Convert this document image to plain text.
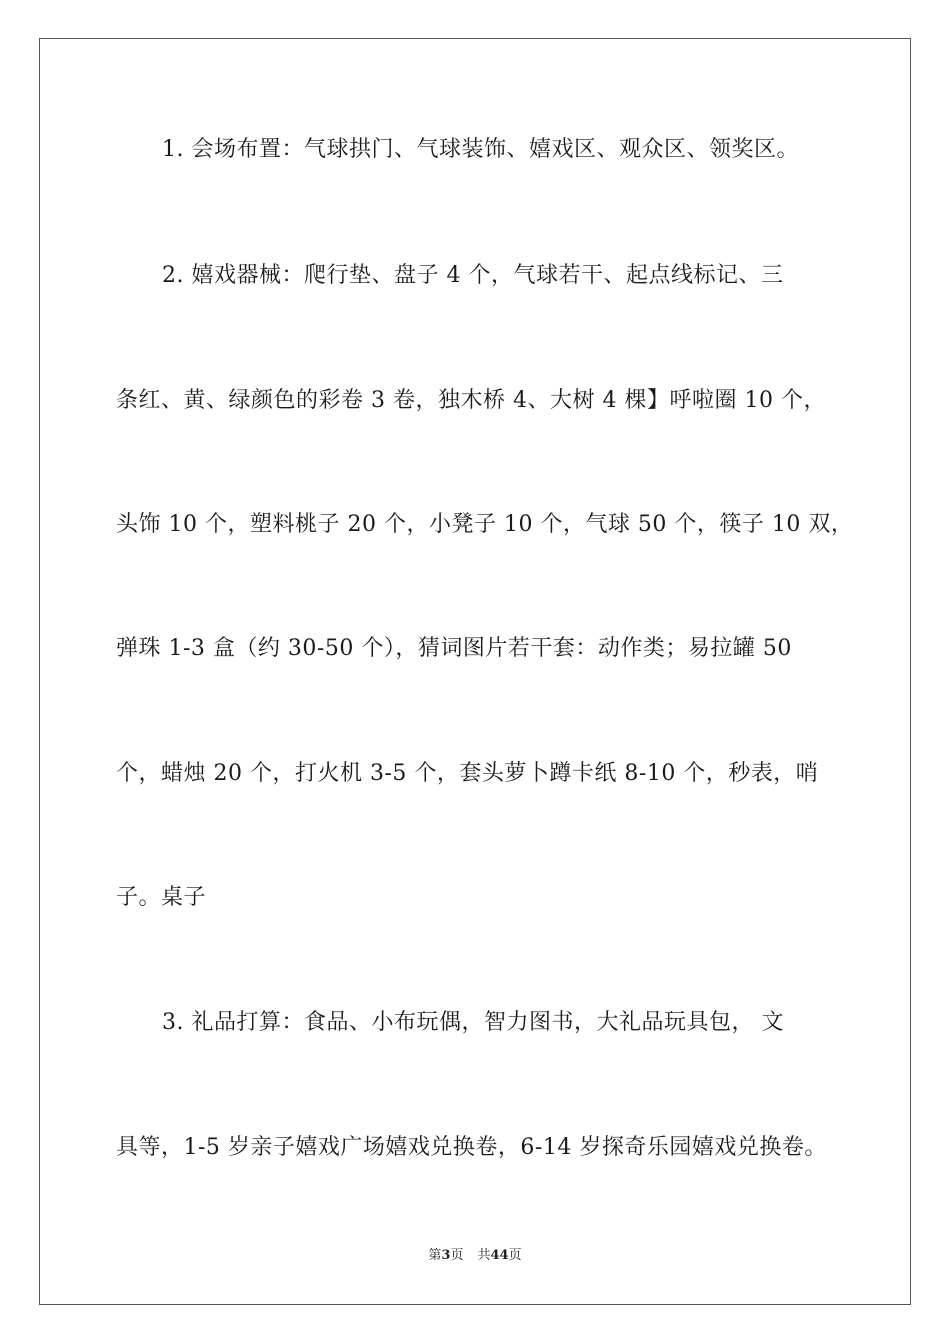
1. 会场布置：气球拱门、气球装饰、嬉戏区、观众区、领奖区。
2. 嬉戏器械：爬行垫、盘子 4 个，气球若干、起点线标记、三
条红、黄、绿颜色的彩卷 3 卷，独木桥 4、大树 4 棵】呼啦圈 10 个，
头饰 10 个，塑料桃子 20 个，小凳子 10 个，气球 50 个，筷子 10 双，
弹珠 1-3 盒（约 30-50 个），猜词图片若干套：动作类；易拉罐 50
个，蜡烛 20 个，打火机 3-5 个，套头萝卜蹲卡纸 8-10 个，秒表，哨
子。桌子
3. 礼品打算：食品、小布玩偶，智力图书，大礼品玩具包， 文
具等，1-5 岁亲子嬉戏广场嬉戏兑换卷，6-14 岁探奇乐园嬉戏兑换卷。
第3页 共44页
